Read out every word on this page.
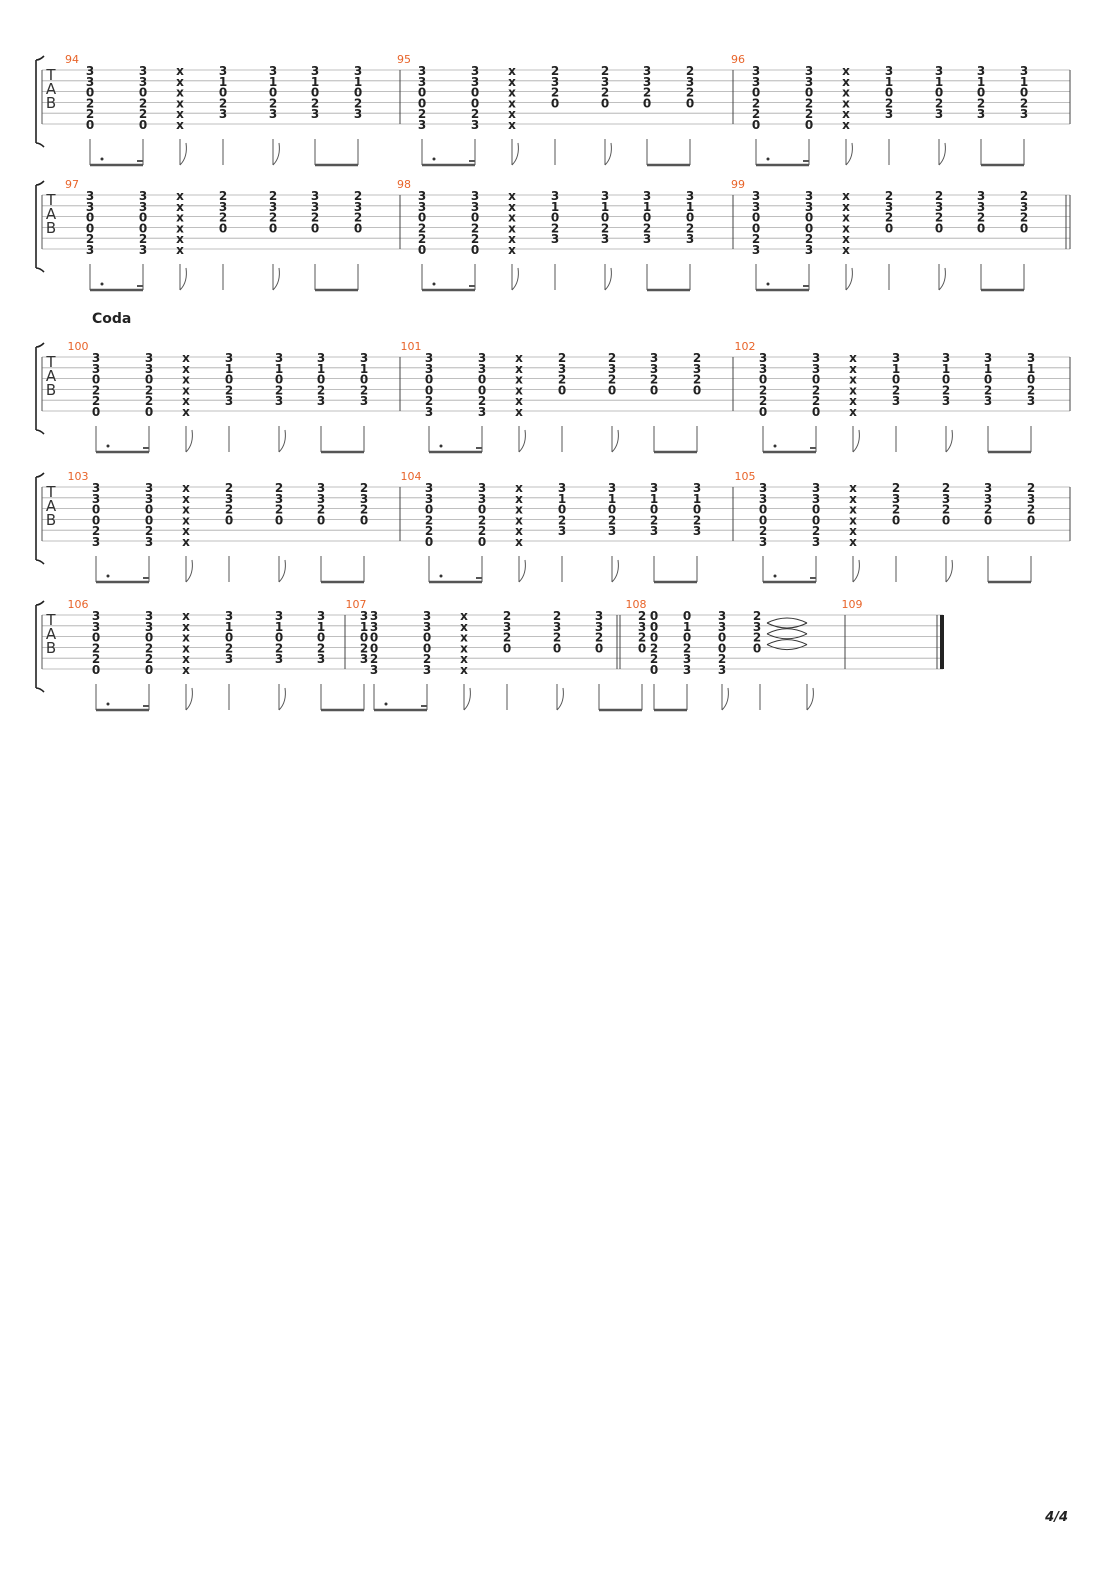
T
A
B
94
3
3
0
2
2
0
3
3
0
2
2
0
x
x
x
x
x
x
3
1
0
2
3
3
1
0
2
3
3
1
0
2
3
3
1
0
2
3
95
3
3
0
0
2
3
3
3
0
0
2
3
x
x
x
x
x
x
2
3
2
0
2
3
2
0
3
3
2
0
2
3
2
0
96
3
3
0
2
2
0
3
3
0
2
2
0
x
x
x
x
x
x
3
1
0
2
3
3
1
0
2
3
3
1
0
2
3
3
1
0
2
3
T
A
B
97
3
3
0
0
2
3
3
3
0
0
2
3
x
x
x
x
x
x
2
3
2
0
2
3
2
0
3
3
2
0
2
3
2
0
98
3
3
0
2
2
0
3
3
0
2
2
0
x
x
x
x
x
x
3
1
0
2
3
3
1
0
2
3
3
1
0
2
3
3
1
0
2
3
99
3
3
0
0
2
3
3
3
0
0
2
3
x
x
x
x
x
x
2
3
2
0
2
3
2
0
3
3
2
0
2
3
2
0
T
A
B
100
3
3
0
2
2
0
3
3
0
2
2
0
x
x
x
x
x
x
3
1
0
2
3
3
1
0
2
3
3
1
0
2
3
3
1
0
2
3
101
3
3
0
0
2
3
3
3
0
0
2
3
x
x
x
x
x
x
2
3
2
0
2
3
2
0
3
3
2
0
2
3
2
0
102
3
3
0
2
2
0
3
3
0
2
2
0
x
x
x
x
x
x
3
1
0
2
3
3
1
0
2
3
3
1
0
2
3
3
1
0
2
3
T
A
B
103
3
3
0
0
2
3
3
3
0
0
2
3
x
x
x
x
x
x
2
3
2
0
2
3
2
0
3
3
2
0
2
3
2
0
104
3
3
0
2
2
0
3
3
0
2
2
0
x
x
x
x
x
x
3
1
0
2
3
3
1
0
2
3
3
1
0
2
3
3
1
0
2
3
105
3
3
0
0
2
3
3
3
0
0
2
3
x
x
x
x
x
x
2
3
2
0
2
3
2
0
3
3
2
0
2
3
2
0
T
A
B
106
3
3
0
2
2
0
3
3
0
2
2
0
x
x
x
x
x
x
3
1
0
2
3
3
1
0
2
3
3
1
0
2
3
3
1
0
2
3
107
3
3
0
0
2
3
3
3
0
0
2
3
x
x
x
x
x
x
2
3
2
0
2
3
2
0
3
3
2
0
2
3
2
0
108
0
0
0
2
2
0
0
1
0
2
3
3
3
3
0
0
2
3
2
3
2
0
109
Coda
4/4
